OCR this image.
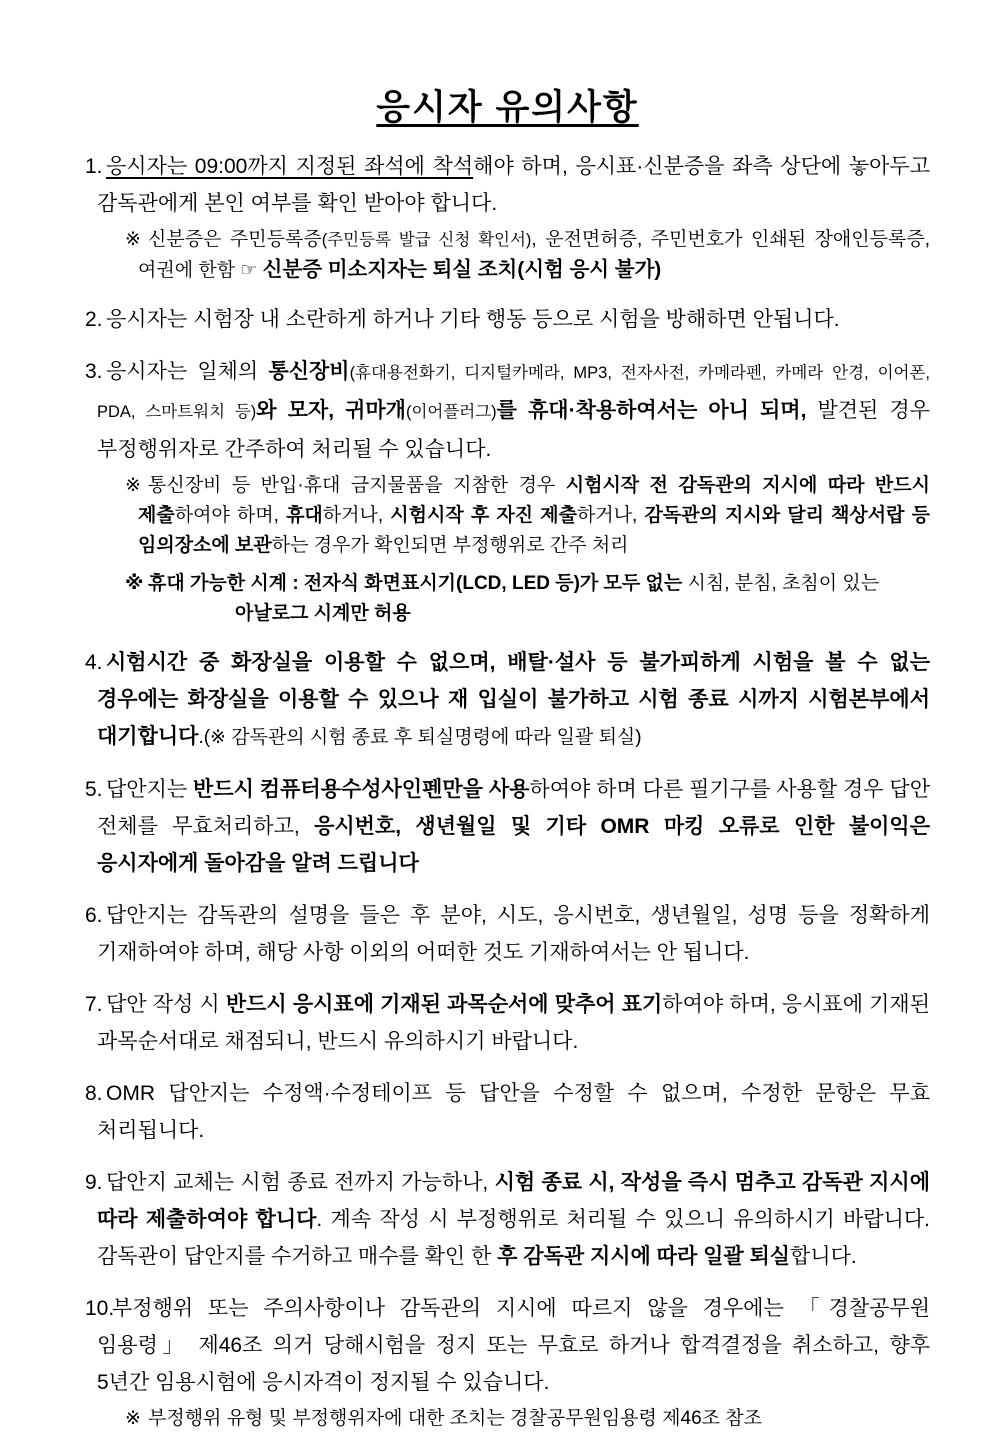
응시자 유의사항

1. 응시자는 09:00까지 지정된 좌석에 착석해야 하며, 응시표·신분증을 좌측 상단에 놓아두고 감독관에게 본인 여부를 확인 받아야 합니다.

※ 신분증은 주민등록증(주민등록 발급 신청 확인서), 운전면허증, 주민번호가 인쇄된 장애인등록증, 여권에 한함 ☞ 신분증 미소지자는 퇴실 조치(시험 응시 불가)

2. 응시자는 시험장 내 소란하게 하거나 기타 행동 등으로 시험을 방해하면 안됩니다.

3. 응시자는 일체의 통신장비(휴대용전화기, 디지털카메라, MP3, 전자사전, 카메라펜, 카메라 안경, 이어폰, PDA, 스마트워치 등)와 모자, 귀마개(이어플러그)를 휴대·착용하여서는 아니 되며, 발견된 경우 부정행위자로 간주하여 처리될 수 있습니다.

※ 통신장비 등 반입·휴대 금지물품을 지참한 경우 시험시작 전 감독관의 지시에 따라 반드시 제출하여야 하며, 휴대하거나, 시험시작 후 자진 제출하거나, 감독관의 지시와 달리 책상서랍 등 임의장소에 보관하는 경우가 확인되면 부정행위로 간주 처리

※ 휴대 가능한 시계 : 전자식 화면표시기(LCD, LED 등)가 모두 없는 시침, 분침, 초침이 있는 아날로그 시계만 허용

4. 시험시간 중 화장실을 이용할 수 없으며, 배탈·설사 등 불가피하게 시험을 볼 수 없는 경우에는 화장실을 이용할 수 있으나 재 입실이 불가하고 시험 종료 시까지 시험본부에서 대기합니다.(※ 감독관의 시험 종료 후 퇴실명령에 따라 일괄 퇴실)

5. 답안지는 반드시 컴퓨터용수성사인펜만을 사용하여야 하며 다른 필기구를 사용할 경우 답안 전체를 무효처리하고, 응시번호, 생년월일 및 기타 OMR 마킹 오류로 인한 불이익은 응시자에게 돌아감을 알려 드립니다

6. 답안지는 감독관의 설명을 들은 후 분야, 시도, 응시번호, 생년월일, 성명 등을 정확하게 기재하여야 하며, 해당 사항 이외의 어떠한 것도 기재하여서는 안 됩니다.

7. 답안 작성 시 반드시 응시표에 기재된 과목순서에 맞추어 표기하여야 하며, 응시표에 기재된 과목순서대로 채점되니, 반드시 유의하시기 바랍니다.

8. OMR 답안지는 수정액·수정테이프 등 답안을 수정할 수 없으며, 수정한 문항은 무효 처리됩니다.

9. 답안지 교체는 시험 종료 전까지 가능하나, 시험 종료 시, 작성을 즉시 멈추고 감독관 지시에 따라 제출하여야 합니다. 계속 작성 시 부정행위로 처리될 수 있으니 유의하시기 바랍니다. 감독관이 답안지를 수거하고 매수를 확인 한 후 감독관 지시에 따라 일괄 퇴실합니다.

10.부정행위 또는 주의사항이나 감독관의 지시에 따르지 않을 경우에는 「경찰공무원 임용령」 제46조 의거 당해시험을 정지 또는 무효로 하거나 합격결정을 취소하고, 향후 5년간 임용시험에 응시자격이 정지될 수 있습니다.

※ 부정행위 유형 및 부정행위자에 대한 조치는 경찰공무원임용령 제46조 참조
